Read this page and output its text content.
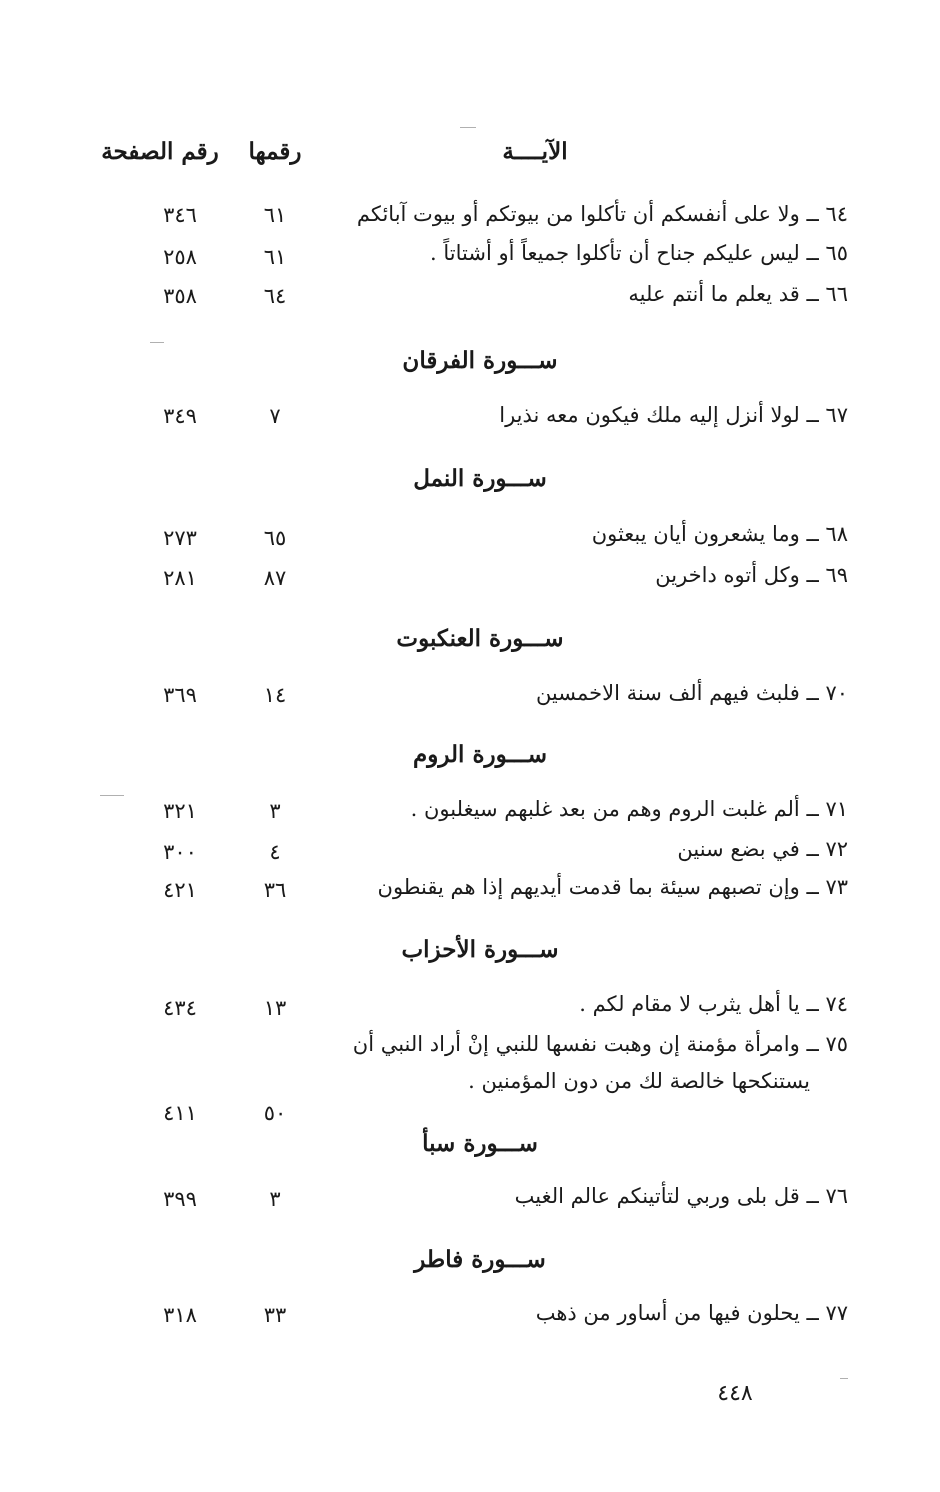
الآيــــة
رقمها
رقم الصفحة
٦٤ ــ ولا على أنفسكم أن تأكلوا من بيوتكم أو بيوت آبائكم
٦١
٣٤٦
٦٥ ــ ليس عليكم جناح أن تأكلوا جميعاً أو أشتاتاً .
٦١
٢٥٨
٦٦ ــ قد يعلم ما أنتم عليه
٦٤
٣٥٨
ســـورة الفرقان
٦٧ ــ لولا أنزل إليه ملك فيكون معه نذيرا
٧
٣٤٩
ســـورة النمل
٦٨ ــ وما يشعرون أيان يبعثون
٦٥
٢٧٣
٦٩ ــ وكل أتوه داخرين
٨٧
٢٨١
ســـورة العنكبوت
٧٠ ــ فلبث فيهم ألف سنة الاخمسين
١٤
٣٦٩
ســـورة الروم
٧١ ــ ألم غلبت الروم وهم من بعد غلبهم سيغلبون .
٣
٣٢١
٧٢ ــ في بضع سنين
٤
٣٠٠
٧٣ ــ وإن تصبهم سيئة بما قدمت أيديهم إذا هم يقنطون
٣٦
٤٢١
ســـورة الأحزاب
٧٤ ــ يا أهل يثرب لا مقام لكم .
١٣
٤٣٤
٧٥ ــ وامرأة مؤمنة إن وهبت نفسها للنبي إنْ أراد النبي أن
يستنكحها خالصة لك من دون المؤمنين .
٥٠
٤١١
ســـورة سبأ
٧٦ ــ قل بلى وربي لتأتينكم عالم الغيب
٣
٣٩٩
ســـورة فاطر
٧٧ ــ يحلون فيها من أساور من ذهب
٣٣
٣١٨
٤٤٨
